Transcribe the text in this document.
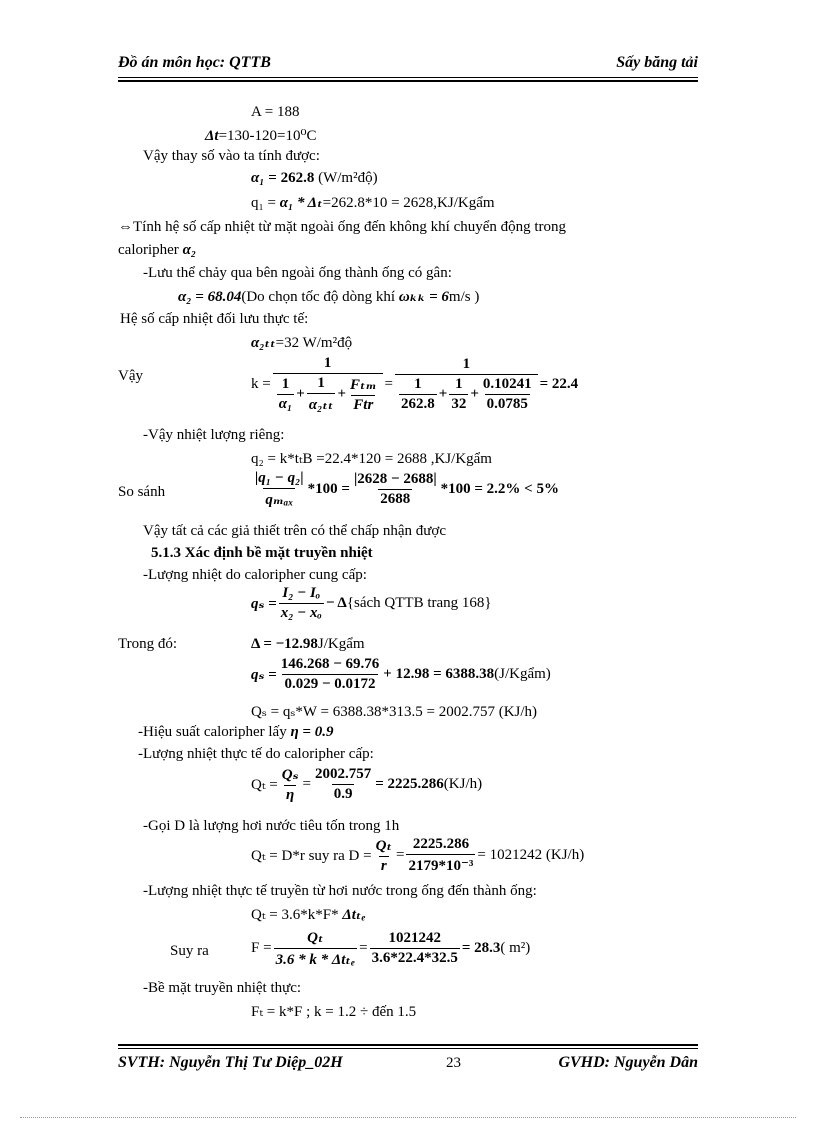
Đồ án môn học: QTTB	Sấy băng tải
A = 188
Δt=130-120=10⁰C
Vậy thay số vào ta tính được:
α₁ = 262.8 (W/m²độ)
q₁ = α₁ * Δₜ=262.8*10 = 2628,KJ/Kgẩm
⇔Tính hệ số cấp nhiệt từ mặt ngoài ống đến không khí chuyển động trong
caloripher α₂
-Lưu thể chảy qua bên ngoài ống thành ống có gân:
α₂ = 68.04(Do chọn tốc độ dòng khí ωₖₖ = 6m/s )
Hệ số cấp nhiệt đối lưu thực tế:
α₂ₜₜ=32 W/m²độ
Vậy	$k = \frac{1}{\frac{1}{\text{α₁}} + \frac{1}{\text{α₂ₜₜ}} + \frac{\text{Fₜₘ}}{\text{Ftr}}} = \frac{1}{\frac{1}{262.8} + \frac{1}{32} + \frac{0.10241}{0.0785}} = 22.4$
-Vậy nhiệt lượng riêng:
q₂ = k*tₜB =22.4*120 = 2688 ,KJ/Kgẩm
So sánh	$\frac{\text{|q₁ − q₂|}}{\text{qₘₐₓ}} *100 = \frac{|2628 - 2688|}{2688} *100 = 2.2\% < 5\%$
Vậy tất cả các giả thiết trên có thể chấp nhận được
5.1.3 Xác định bề mặt truyền nhiệt
-Lượng nhiệt do caloripher cung cấp:
$q_s = \frac{\text{I₂ − Iₒ}}{\text{x₂ − xₒ}} - \Delta$ {sách QTTB trang 168}
Trong đó:	Δ = −12.98J/Kgẩm
$q_s = \frac{146.268 - 69.76}{0.029 - 0.0172} + 12.98 = 6388.38$ (J/Kgẩm)
Qₛ = qₛ*W = 6388.38*313.5 = 2002.757 (KJ/h)
-Hiệu suất caloripher lấy η = 0.9
-Lượng nhiệt thực tế do caloripher cấp:
$Q_t = \frac{\text{Qₛ}}{\eta} = \frac{2002.757}{0.9} = 2225.286$ (KJ/h)
-Gọi D là lượng hơi nước tiêu tốn trong 1h
Qₜ = D*r suy ra $D = \frac{\text{Qₜ}}{r} = \frac{2225.286}{\text{2179*10⁻³}} = 1021242$ (KJ/h)
-Lượng nhiệt thực tế truyền từ hơi nước trong ống đến thành ống:
Qₜ = 3.6*k*F* Δtₜₑ
Suy ra	$F = \frac{\text{Qₜ}}{\text{3.6 * k * Δtₜₑ}} = \frac{1021242}{3.6*22.4*32.5} = 28.3$ ( m²)
-Bề mặt truyền nhiệt thực:
Fₜ = k*F ; k = 1.2 ÷ đến 1.5
SVTH: Nguyễn Thị Tư Diệp_02H	23	GVHD: Nguyễn Dân
